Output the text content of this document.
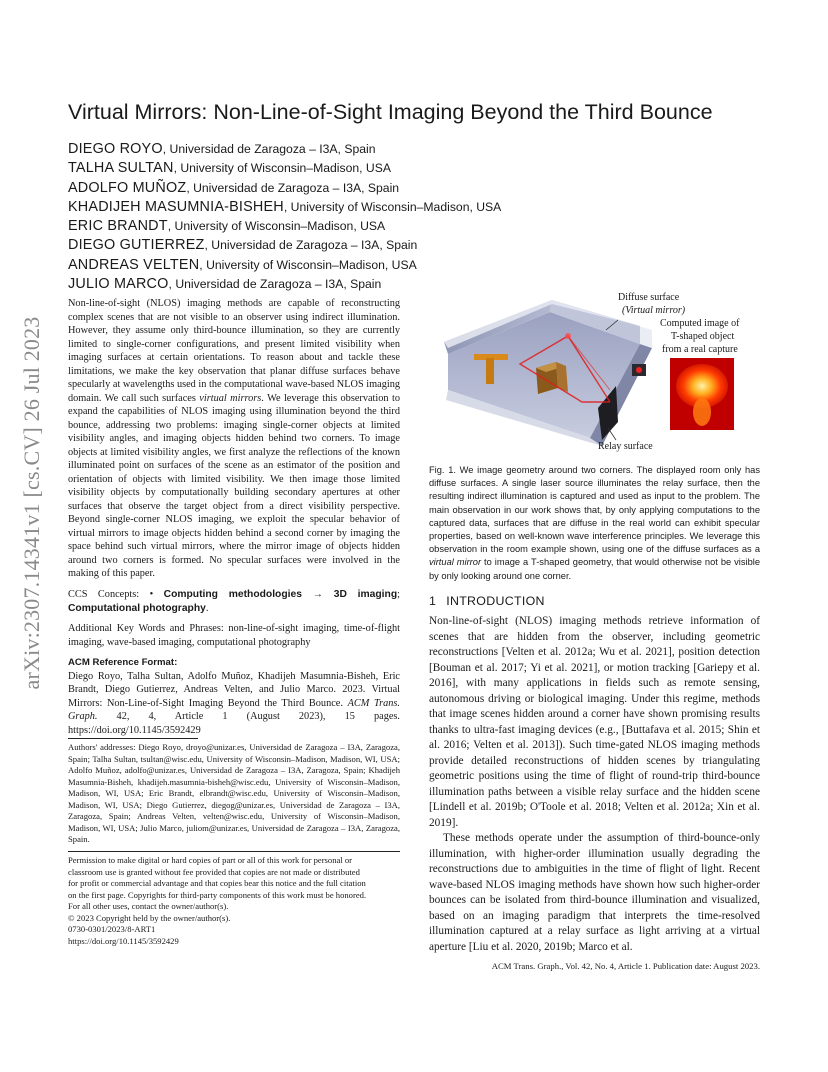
arXiv:2307.14341v1 [cs.CV] 26 Jul 2023
Virtual Mirrors: Non-Line-of-Sight Imaging Beyond the Third Bounce
DIEGO ROYO, Universidad de Zaragoza – I3A, Spain
TALHA SULTAN, University of Wisconsin–Madison, USA
ADOLFO MUÑOZ, Universidad de Zaragoza – I3A, Spain
KHADIJEH MASUMNIA-BISHEH, University of Wisconsin–Madison, USA
ERIC BRANDT, University of Wisconsin–Madison, USA
DIEGO GUTIERREZ, Universidad de Zaragoza – I3A, Spain
ANDREAS VELTEN, University of Wisconsin–Madison, USA
JULIO MARCO, Universidad de Zaragoza – I3A, Spain
Non-line-of-sight (NLOS) imaging methods are capable of reconstructing complex scenes that are not visible to an observer using indirect illumination. However, they assume only third-bounce illumination, so they are currently limited to single-corner configurations, and present limited visibility when imaging surfaces at certain orientations. To reason about and tackle these limitations, we make the key observation that planar diffuse surfaces behave specularly at wavelengths used in the computational wave-based NLOS imaging domain. We call such surfaces virtual mirrors. We leverage this observation to expand the capabilities of NLOS imaging using illumination beyond the third bounce, addressing two problems: imaging single-corner objects at limited visibility angles, and imaging objects hidden behind two corners. To image objects at limited visibility angles, we first analyze the reflections of the known illuminated point on surfaces of the scene as an estimator of the position and orientation of objects with limited visibility. We then image those limited visibility objects by computationally building secondary apertures at other surfaces that observe the target object from a direct visibility perspective. Beyond single-corner NLOS imaging, we exploit the specular behavior of virtual mirrors to image objects hidden behind a second corner by imaging the space behind such virtual mirrors, where the mirror image of objects hidden around two corners is formed. No specular surfaces were involved in the making of this paper.
CCS Concepts: • Computing methodologies → 3D imaging; Computational photography.
Additional Key Words and Phrases: non-line-of-sight imaging, time-of-flight imaging, wave-based imaging, computational photography
ACM Reference Format:
Diego Royo, Talha Sultan, Adolfo Muñoz, Khadijeh Masumnia-Bisheh, Eric Brandt, Diego Gutierrez, Andreas Velten, and Julio Marco. 2023. Virtual Mirrors: Non-Line-of-Sight Imaging Beyond the Third Bounce. ACM Trans. Graph. 42, 4, Article 1 (August 2023), 15 pages. https://doi.org/10.1145/3592429
Authors' addresses: Diego Royo, droyo@unizar.es, Universidad de Zaragoza – I3A, Zaragoza, Spain; Talha Sultan, tsultan@wisc.edu, University of Wisconsin–Madison, Madison, WI, USA; Adolfo Muñoz, adolfo@unizar.es, Universidad de Zaragoza – I3A, Zaragoza, Spain; Khadijeh Masumnia-Bisheh, khadijeh.masumnia-bisheh@wisc.edu, University of Wisconsin–Madison, Madison, WI, USA; Eric Brandt, elbrandt@wisc.edu, University of Wisconsin–Madison, Madison, WI, USA; Diego Gutierrez, diegog@unizar.es, Universidad de Zaragoza – I3A, Zaragoza, Spain; Andreas Velten, velten@wisc.edu, University of Wisconsin–Madison, Madison, WI, USA; Julio Marco, juliom@unizar.es, Universidad de Zaragoza – I3A, Zaragoza, Spain.
Permission to make digital or hard copies of part or all of this work for personal or
classroom use is granted without fee provided that copies are not made or distributed
for profit or commercial advantage and that copies bear this notice and the full citation
on the first page. Copyrights for third-party components of this work must be honored.
For all other uses, contact the owner/author(s).
© 2023 Copyright held by the owner/author(s).
0730-0301/2023/8-ART1
https://doi.org/10.1145/3592429
Diffuse surface
(Virtual mirror)
Computed image of
T-shaped object
from a real capture
Relay surface
Fig. 1. We image geometry around two corners. The displayed room only has diffuse surfaces. A single laser source illuminates the relay surface, then the resulting indirect illumination is captured and used as input to the problem. The main observation in our work shows that, by only applying computations to the captured data, surfaces that are diffuse in the real world can exhibit specular properties, based on well-known wave interference principles. We leverage this observation in the room example shown, using one of the diffuse surfaces as a virtual mirror to image a T-shaped geometry, that would otherwise not be visible by only looking around one corner.
1 INTRODUCTION

Non-line-of-sight (NLOS) imaging methods retrieve information of scenes that are hidden from the observer, including geometric reconstructions [Velten et al. 2012a; Wu et al. 2021], position detection [Bouman et al. 2017; Yi et al. 2021], or motion tracking [Gariepy et al. 2016], with many applications in fields such as remote sensing, autonomous driving or biological imaging. Under this regime, methods that image scenes hidden around a corner have shown promising results thanks to ultra-fast imaging devices (e.g., [Buttafava et al. 2015; Shin et al. 2016; Velten et al. 2013]). Such time-gated NLOS imaging methods provide detailed reconstructions of hidden scenes by triangulating geometric positions using the time of flight of round-trip third-bounce illumination paths between a visible relay surface and the hidden scene [Lindell et al. 2019b; O'Toole et al. 2018; Velten et al. 2012a; Xin et al. 2019].

These methods operate under the assumption of third-bounce-only illumination, with higher-order illumination usually degrading the reconstructions due to ambiguities in the time of flight of light. Recent wave-based NLOS imaging methods have shown how such higher-order bounces can be isolated from third-bounce illumination and visualized, based on an imaging paradigm that interprets the time-resolved illumination captured at a relay surface as light arriving at a virtual aperture [Liu et al. 2020, 2019b; Marco et al.

ACM Trans. Graph., Vol. 42, No. 4, Article 1. Publication date: August 2023.
